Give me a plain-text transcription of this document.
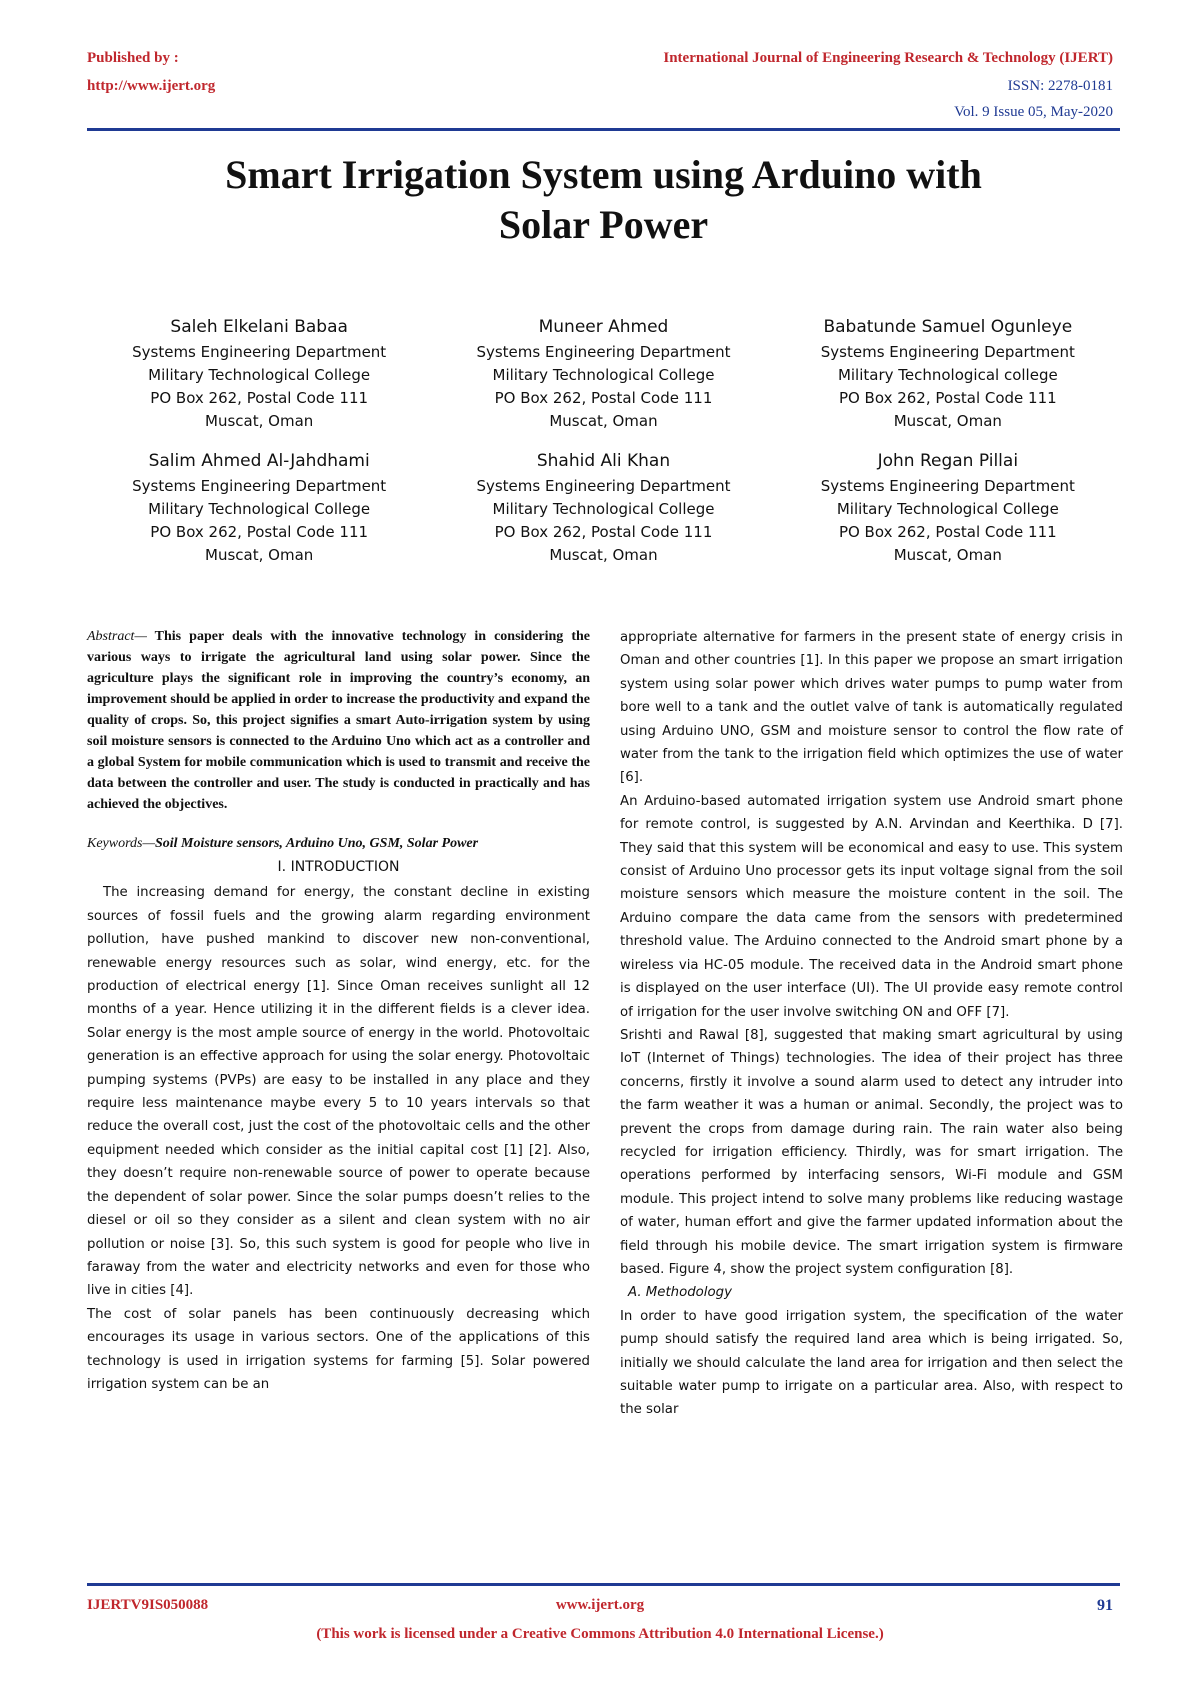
Published by :
http://www.ijert.org
International Journal of Engineering Research & Technology (IJERT)
ISSN: 2278-0181
Vol. 9 Issue 05, May-2020
Smart Irrigation System using Arduino with
Solar Power
Saleh Elkelani Babaa
Systems Engineering Department
Military Technological College
PO Box 262, Postal Code 111
Muscat, Oman
Muneer Ahmed
Systems Engineering Department
Military Technological College
PO Box 262, Postal Code 111
Muscat, Oman
Babatunde Samuel Ogunleye
Systems Engineering Department
Military Technological college
PO Box 262, Postal Code 111
Muscat, Oman
Salim Ahmed Al-Jahdhami
Systems Engineering Department
Military Technological College
PO Box 262, Postal Code 111
Muscat, Oman
Shahid Ali Khan
Systems Engineering Department
Military Technological College
PO Box 262, Postal Code 111
Muscat, Oman
John Regan Pillai
Systems Engineering Department
Military Technological College
PO Box 262, Postal Code 111
Muscat, Oman

Abstract— This paper deals with the innovative technology in considering the various ways to irrigate the agricultural land using solar power. Since the agriculture plays the significant role in improving the country’s economy, an improvement should be applied in order to increase the productivity and expand the quality of crops. So, this project signifies a smart Auto-irrigation system by using soil moisture sensors is connected to the Arduino Uno which act as a controller and a global System for mobile communication which is used to transmit and receive the data between the controller and user. The study is conducted in practically and has achieved the objectives.

Keywords—Soil Moisture sensors, Arduino Uno, GSM, Solar Power

I. INTRODUCTION

The increasing demand for energy, the constant decline in existing sources of fossil fuels and the growing alarm regarding environment pollution, have pushed mankind to discover new non-conventional, renewable energy resources such as solar, wind energy, etc. for the production of electrical energy [1]. Since Oman receives sunlight all 12 months of a year. Hence utilizing it in the different fields is a clever idea. Solar energy is the most ample source of energy in the world. Photovoltaic generation is an effective approach for using the solar energy. Photovoltaic pumping systems (PVPs) are easy to be installed in any place and they require less maintenance maybe every 5 to 10 years intervals so that reduce the overall cost, just the cost of the photovoltaic cells and the other equipment needed which consider as the initial capital cost [1] [2]. Also, they doesn’t require non-renewable source of power to operate because the dependent of solar power. Since the solar pumps doesn’t relies to the diesel or oil so they consider as a silent and clean system with no air pollution or noise [3]. So, this such system is good for people who live in faraway from the water and electricity networks and even for those who live in cities [4].

The cost of solar panels has been continuously decreasing which encourages its usage in various sectors. One of the applications of this technology is used in irrigation systems for farming [5]. Solar powered irrigation system can be an

appropriate alternative for farmers in the present state of energy crisis in Oman and other countries [1]. In this paper we propose an smart irrigation system using solar power which drives water pumps to pump water from bore well to a tank and the outlet valve of tank is automatically regulated using Arduino UNO, GSM and moisture sensor to control the flow rate of water from the tank to the irrigation field which optimizes the use of water [6].

An Arduino-based automated irrigation system use Android smart phone for remote control, is suggested by A.N. Arvindan and Keerthika. D [7]. They said that this system will be economical and easy to use. This system consist of Arduino Uno processor gets its input voltage signal from the soil moisture sensors which measure the moisture content in the soil. The Arduino compare the data came from the sensors with predetermined threshold value. The Arduino connected to the Android smart phone by a wireless via HC-05 module. The received data in the Android smart phone is displayed on the user interface (UI). The UI provide easy remote control of irrigation for the user involve switching ON and OFF [7].

Srishti and Rawal [8], suggested that making smart agricultural by using IoT (Internet of Things) technologies. The idea of their project has three concerns, firstly it involve a sound alarm used to detect any intruder into the farm weather it was a human or animal. Secondly, the project was to prevent the crops from damage during rain. The rain water also being recycled for irrigation efficiency. Thirdly, was for smart irrigation. The operations performed by interfacing sensors, Wi-Fi module and GSM module. This project intend to solve many problems like reducing wastage of water, human effort and give the farmer updated information about the field through his mobile device. The smart irrigation system is firmware based. Figure 4, show the project system configuration [8].

A. Methodology

In order to have good irrigation system, the specification of the water pump should satisfy the required land area which is being irrigated. So, initially we should calculate the land area for irrigation and then select the suitable water pump to irrigate on a particular area. Also, with respect to the solar

IJERTV9IS050088	www.ijert.org	91
(This work is licensed under a Creative Commons Attribution 4.0 International License.)
